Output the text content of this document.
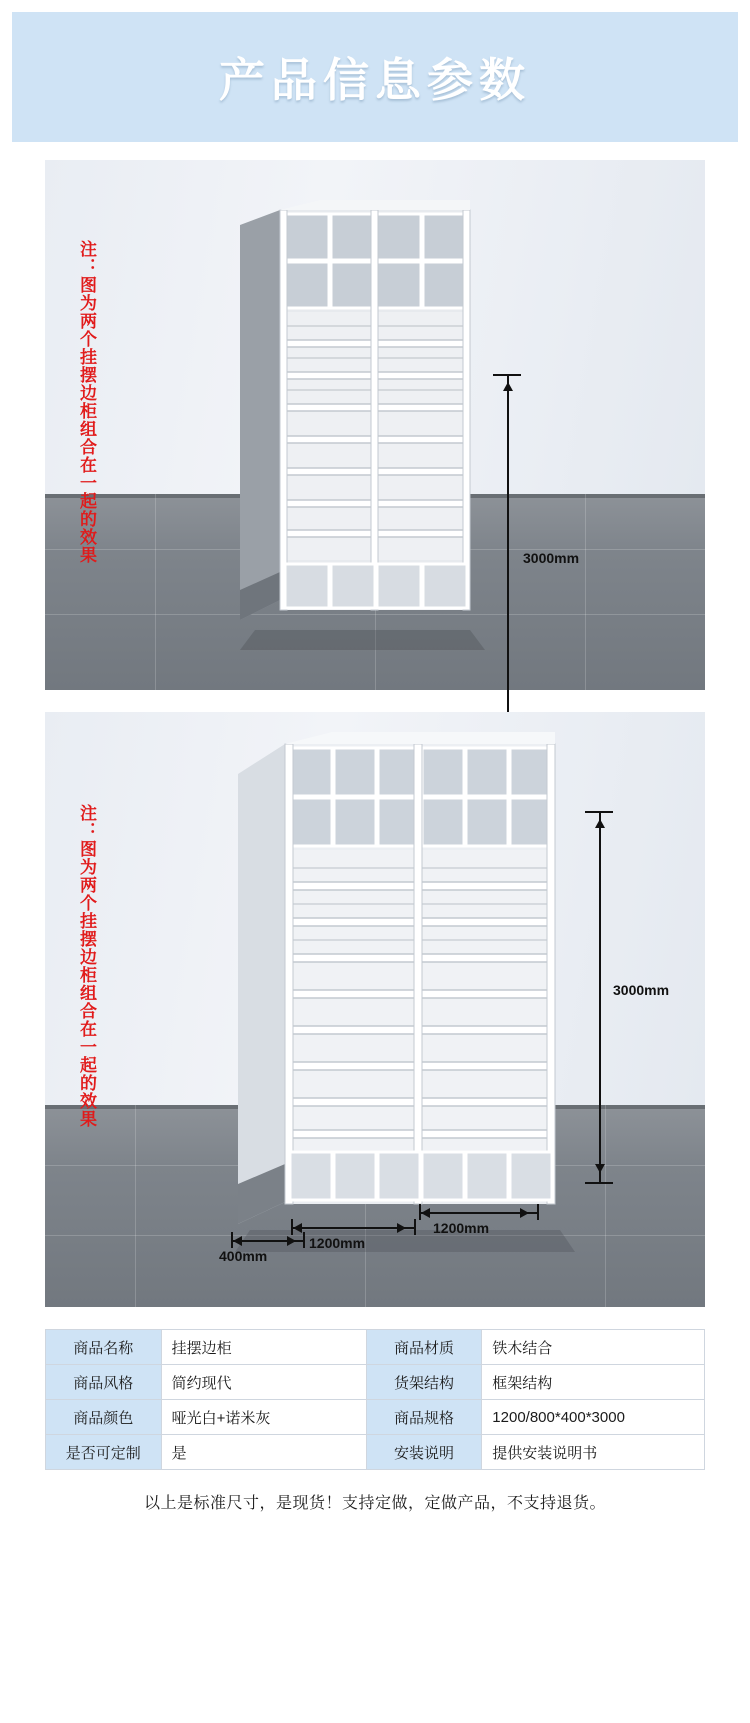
产品信息参数
注：图为两个挂摆边柜组合在一起的效果	3000mm
注：图为两个挂摆边柜组合在一起的效果	3000mm
400mm
1200mm
1200mm
商品名称	挂摆边柜	商品材质	铁木结合
商品风格	简约现代	货架结构	框架结构
商品颜色	哑光白+诺米灰	商品规格	1200/800*400*3000
是否可定制	是	安装说明	提供安装说明书
以上是标准尺寸，是现货！支持定做，定做产品，不支持退货。
